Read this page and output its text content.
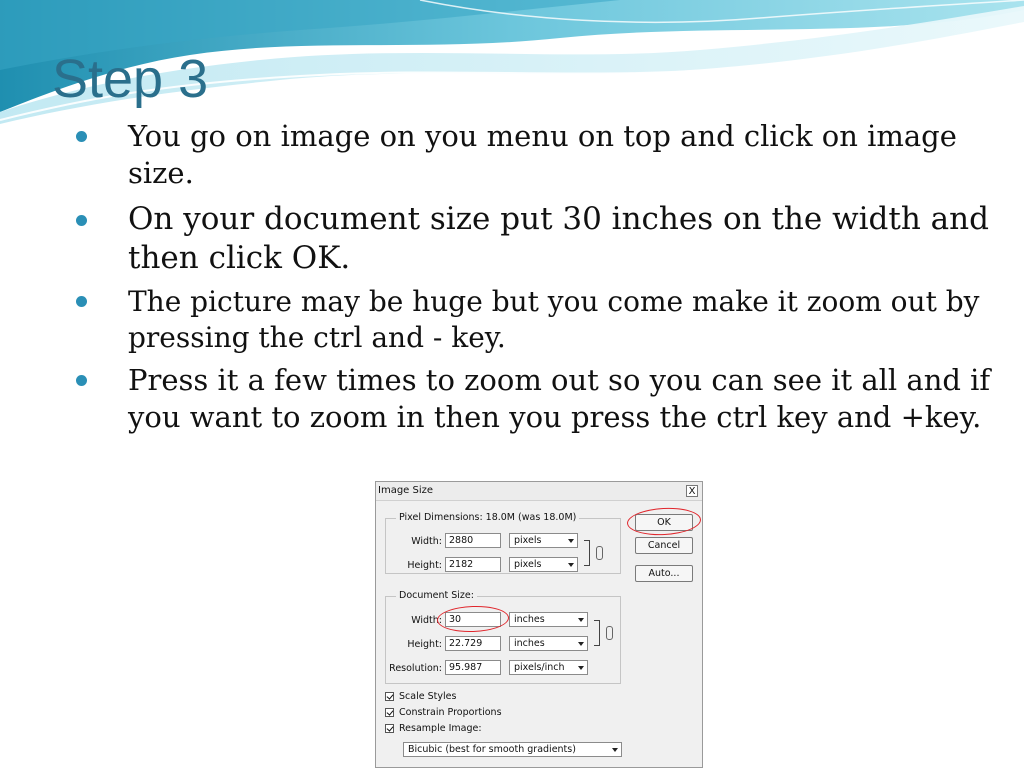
Step 3
You go on image on you menu on top and click on image size.
On your document size put 30 inches on the width and then click OK.
The picture may be huge but you come make it zoom out by pressing the ctrl and - key.
Press it a few times to zoom out so you can see it all and if you want to zoom in then you press the ctrl key and +key.
Image Size	X
Pixel Dimensions: 18.0M (was 18.0M)
Width: 2880	pixels
Height: 2182	pixels
Document Size:
Width: 30	inches
Height: 22.729	inches
Resolution: 95.987	pixels/inch
OK
Cancel
Auto...
Scale Styles
Constrain Proportions
Resample Image:
Bicubic (best for smooth gradients)
